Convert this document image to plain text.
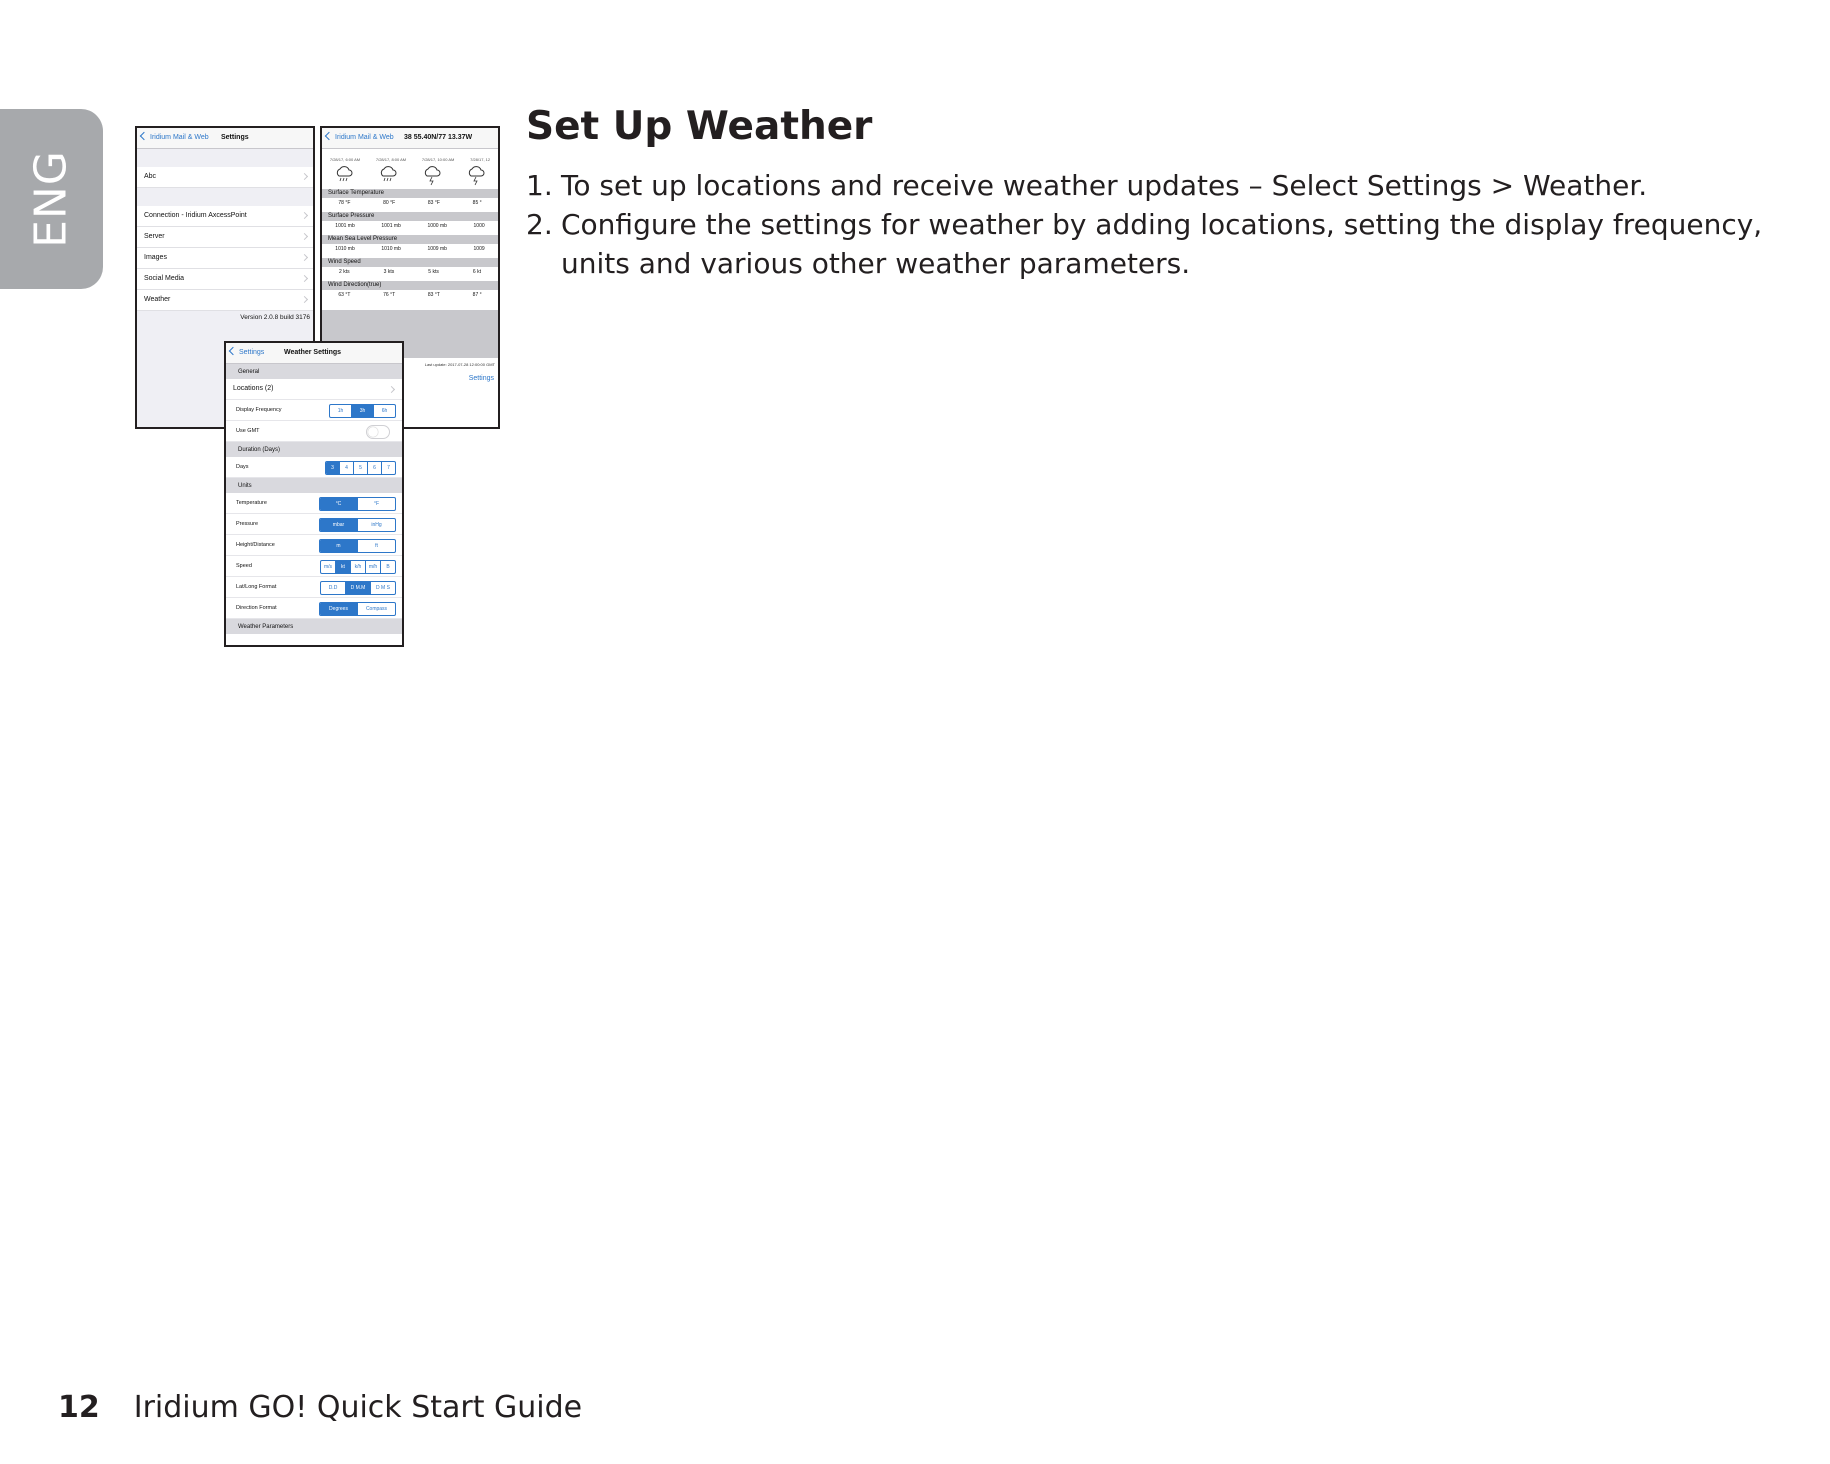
ENG
Iridium Mail & Web Settings
Abc
Connection - Iridium AxcessPoint
Server
Images
Social Media
Weather
Version 2.0.8 build 3176
Iridium Mail & Web 38 55.40N/77 13.37W
7/28/17, 6:00 AM	7/28/17, 8:00 AM	7/28/17, 10:00 AM	7/28/17, 12
Surface Temperature
78 °F	80 °F	83 °F	85 °
Surface Pressure
1001 mb	1001 mb	1000 mb	1000
Mean Sea Level Pressure
1010 mb	1010 mb	1009 mb	1009
Wind Speed
2 kts	3 kts	5 kts	6 kt
Wind Direction(true)
63 °T	76 °T	83 °T	87 °
Last update: 2017-07-28 12:00:00 GMT
Settings
Settings	Weather Settings
General
Locations (2)
Display Frequency	1h	3h	6h
Use GMT
Duration (Days)
Days	3	4	5	6	7
Units
Temperature	°C	°F
Pressure	mbar	inHg
Height/Distance	m	ft
Speed	m/s	kt	k/h	m/h	B
Lat/Long Format	D.D	D M.M	D M S
Direction Format	Degrees	Compass
Weather Parameters
Set Up Weather
1. To set up locations and receive weather updates – Select Settings > Weather.
2. Configure the settings for weather by adding locations, setting the display frequency, units and various other weather parameters.
12 Iridium GO! Quick Start Guide
